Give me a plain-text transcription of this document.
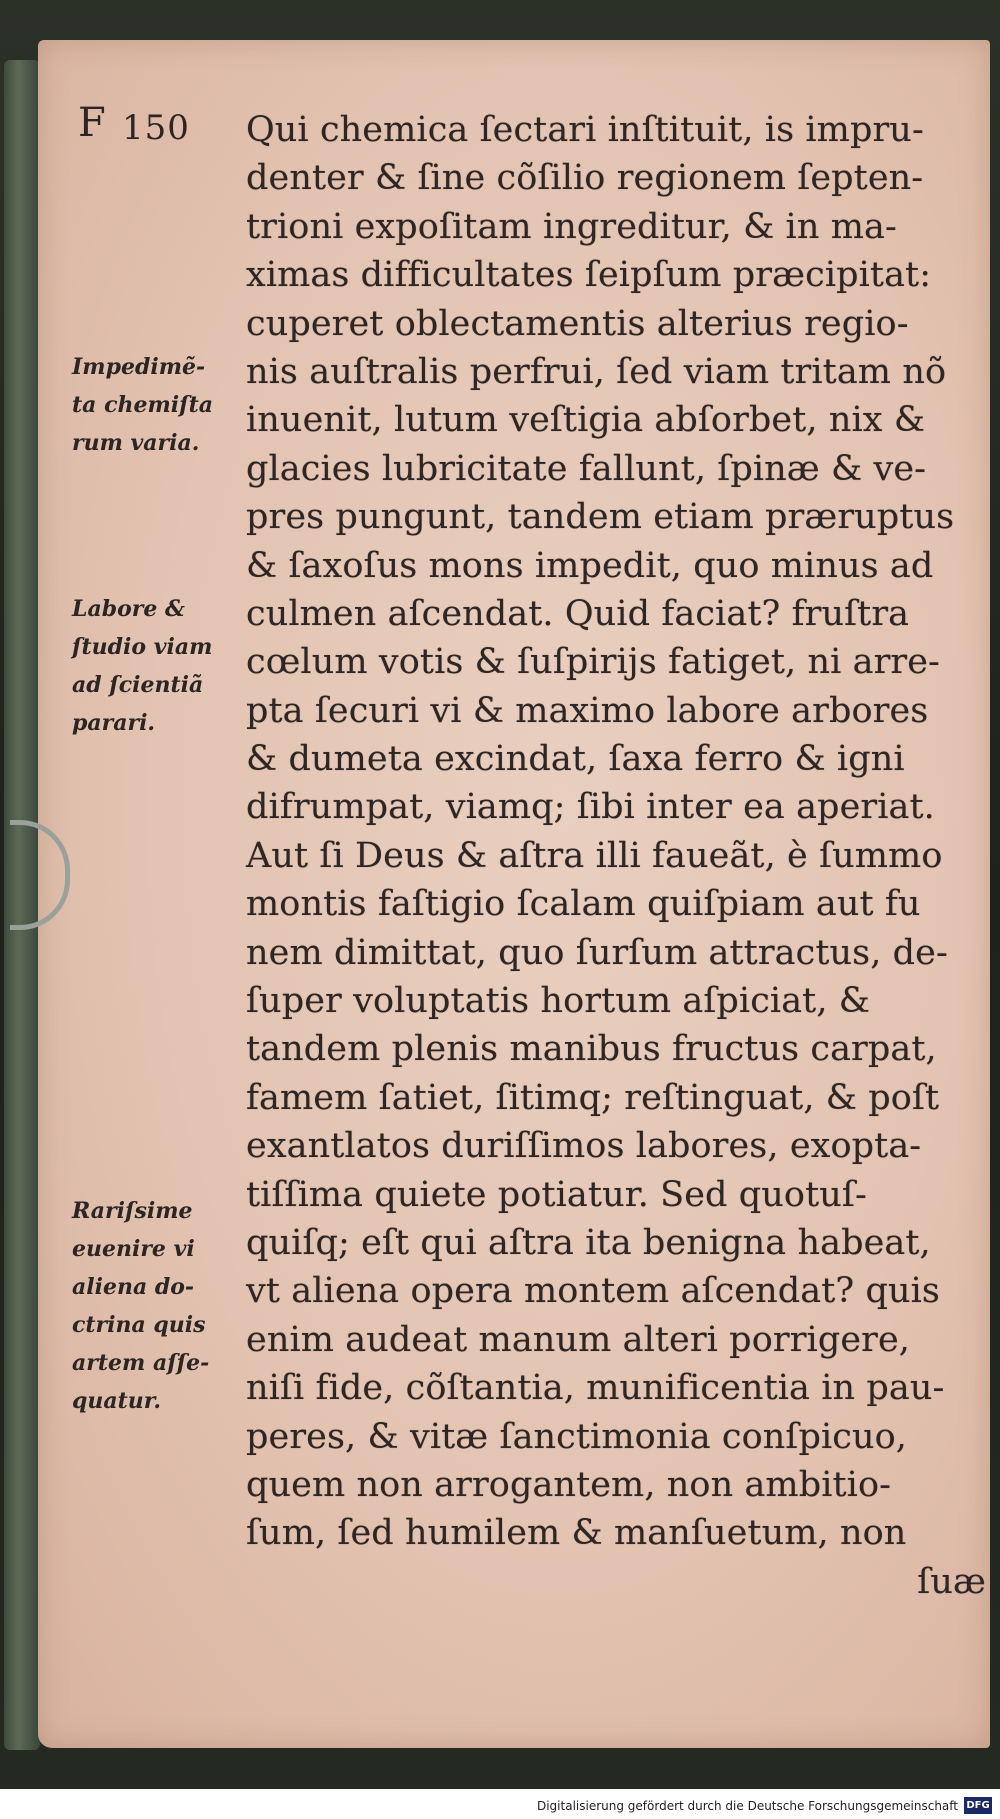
F 150 Qui chemica ſectari inſtituit, is impru-
denter & ſine cõſilio regionem ſepten-
trioni expoſitam ingreditur, & in ma-
ximas difficultates ſeipſum præcipitat:
cuperet oblectamentis alterius regio-
nis auſtralis perfrui, ſed viam tritam nõ
inuenit, lutum veſtigia abſorbet, nix &
glacies lubricitate fallunt, ſpinæ & ve-
pres pungunt, tandem etiam præruptus
& ſaxoſus mons impedit, quo minus ad
culmen aſcendat. Quid faciat? fruſtra
cœlum votis & ſuſpirijs fatiget, ni arre-
pta ſecuri vi & maximo labore arbores
& dumeta excindat, ſaxa ferro & igni
difrumpat, viamq; ſibi inter ea aperiat.
Aut ſi Deus & aſtra illi faueãt, è ſummo
montis faſtigio ſcalam quiſpiam aut fu
nem dimittat, quo ſurſum attractus, de-
ſuper voluptatis hortum aſpiciat, &
tandem plenis manibus fructus carpat,
famem ſatiet, ſitimq; reſtinguat, & poſt
exantlatos duriſſimos labores, exopta-
tiſſima quiete potiatur. Sed quotuſ-
quiſq; eſt qui aſtra ita benigna habeat,
vt aliena opera montem aſcendat? quis
enim audeat manum alteri porrigere,
niſi fide, cõſtantia, munificentia in pau-
peres, & vitæ ſanctimonia conſpicuo,
quem non arrogantem, non ambitio-
ſum, ſed humilem & manſuetum, non
ſuæ
Impedimẽ-
ta chemiſta
rum varia.
Labore &
ſtudio viam
ad ſcientiã
parari.
Rariſsime
euenire vi
aliena do-
ctrina quis
artem aſſe-
quatur.
Digitalisierung gefördert durch die Deutsche Forschungsgemeinschaft DFG
